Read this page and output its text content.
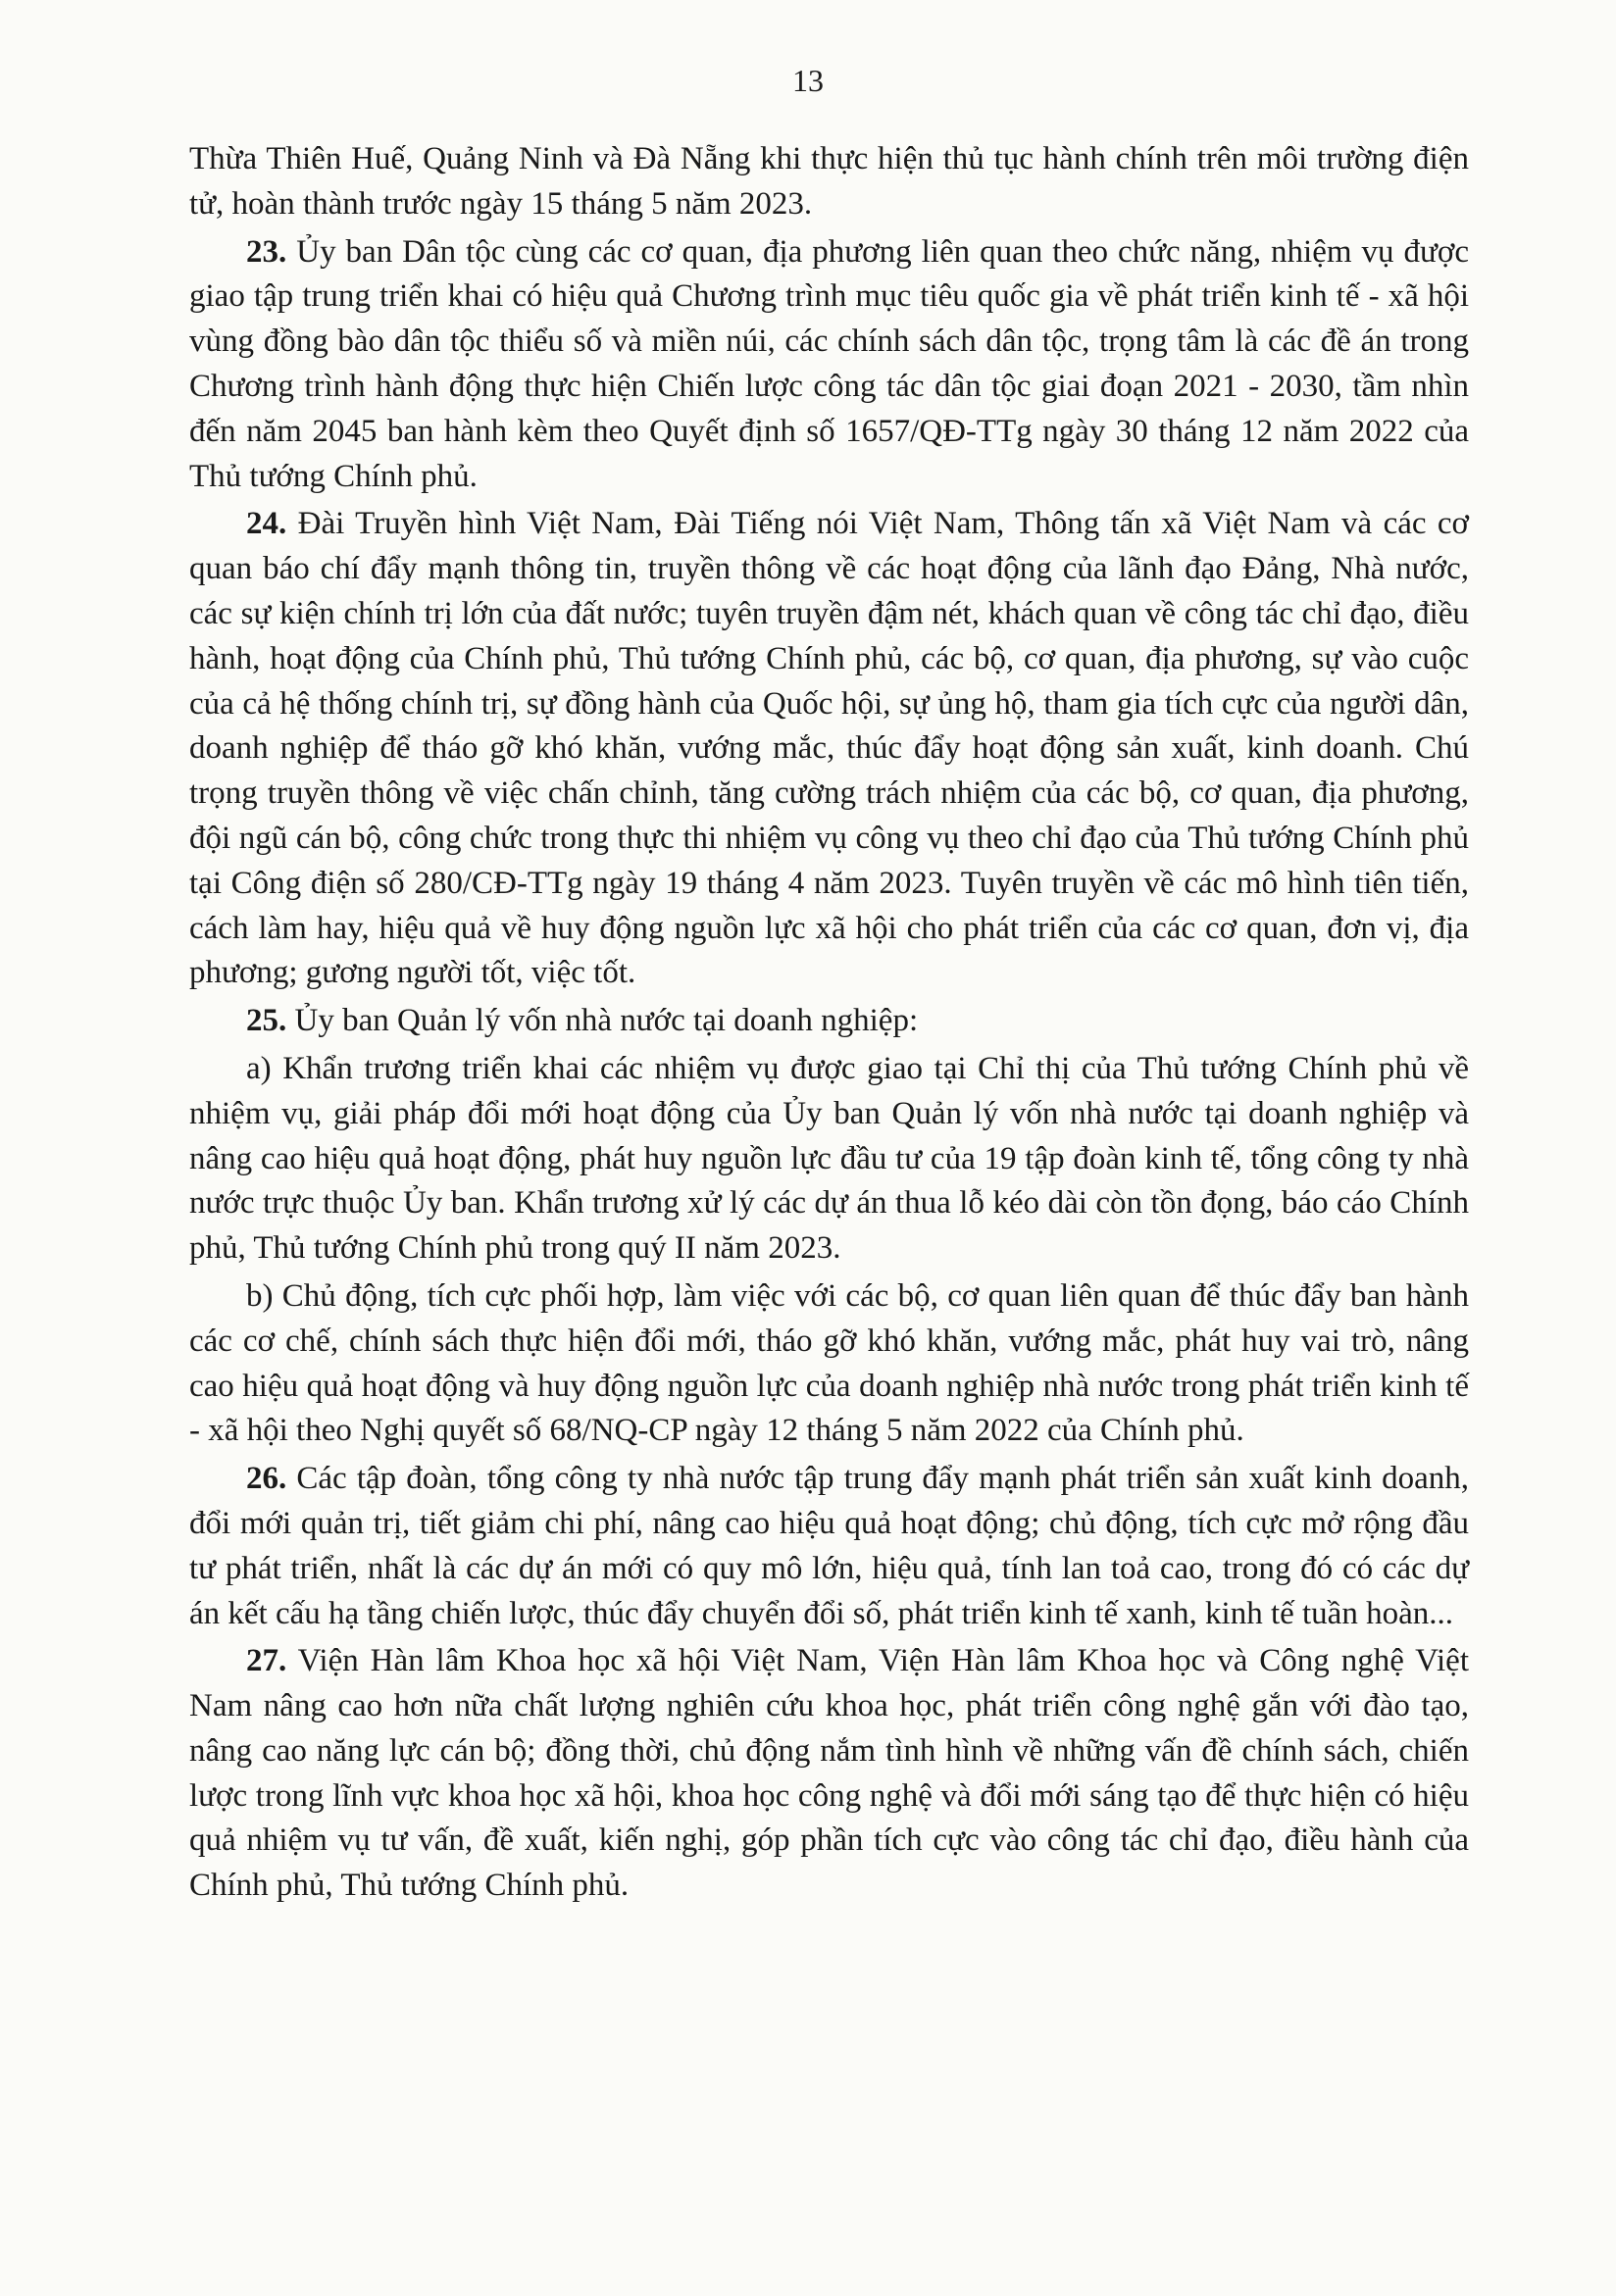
13

Thừa Thiên Huế, Quảng Ninh và Đà Nẵng khi thực hiện thủ tục hành chính trên môi trường điện tử, hoàn thành trước ngày 15 tháng 5 năm 2023.

23. Ủy ban Dân tộc cùng các cơ quan, địa phương liên quan theo chức năng, nhiệm vụ được giao tập trung triển khai có hiệu quả Chương trình mục tiêu quốc gia về phát triển kinh tế - xã hội vùng đồng bào dân tộc thiểu số và miền núi, các chính sách dân tộc, trọng tâm là các đề án trong Chương trình hành động thực hiện Chiến lược công tác dân tộc giai đoạn 2021 - 2030, tầm nhìn đến năm 2045 ban hành kèm theo Quyết định số 1657/QĐ-TTg ngày 30 tháng 12 năm 2022 của Thủ tướng Chính phủ.

24. Đài Truyền hình Việt Nam, Đài Tiếng nói Việt Nam, Thông tấn xã Việt Nam và các cơ quan báo chí đẩy mạnh thông tin, truyền thông về các hoạt động của lãnh đạo Đảng, Nhà nước, các sự kiện chính trị lớn của đất nước; tuyên truyền đậm nét, khách quan về công tác chỉ đạo, điều hành, hoạt động của Chính phủ, Thủ tướng Chính phủ, các bộ, cơ quan, địa phương, sự vào cuộc của cả hệ thống chính trị, sự đồng hành của Quốc hội, sự ủng hộ, tham gia tích cực của người dân, doanh nghiệp để tháo gỡ khó khăn, vướng mắc, thúc đẩy hoạt động sản xuất, kinh doanh. Chú trọng truyền thông về việc chấn chỉnh, tăng cường trách nhiệm của các bộ, cơ quan, địa phương, đội ngũ cán bộ, công chức trong thực thi nhiệm vụ công vụ theo chỉ đạo của Thủ tướng Chính phủ tại Công điện số 280/CĐ-TTg ngày 19 tháng 4 năm 2023. Tuyên truyền về các mô hình tiên tiến, cách làm hay, hiệu quả về huy động nguồn lực xã hội cho phát triển của các cơ quan, đơn vị, địa phương; gương người tốt, việc tốt.

25. Ủy ban Quản lý vốn nhà nước tại doanh nghiệp:

a) Khẩn trương triển khai các nhiệm vụ được giao tại Chỉ thị của Thủ tướng Chính phủ về nhiệm vụ, giải pháp đổi mới hoạt động của Ủy ban Quản lý vốn nhà nước tại doanh nghiệp và nâng cao hiệu quả hoạt động, phát huy nguồn lực đầu tư của 19 tập đoàn kinh tế, tổng công ty nhà nước trực thuộc Ủy ban. Khẩn trương xử lý các dự án thua lỗ kéo dài còn tồn đọng, báo cáo Chính phủ, Thủ tướng Chính phủ trong quý II năm 2023.

b) Chủ động, tích cực phối hợp, làm việc với các bộ, cơ quan liên quan để thúc đẩy ban hành các cơ chế, chính sách thực hiện đổi mới, tháo gỡ khó khăn, vướng mắc, phát huy vai trò, nâng cao hiệu quả hoạt động và huy động nguồn lực của doanh nghiệp nhà nước trong phát triển kinh tế - xã hội theo Nghị quyết số 68/NQ-CP ngày 12 tháng 5 năm 2022 của Chính phủ.

26. Các tập đoàn, tổng công ty nhà nước tập trung đẩy mạnh phát triển sản xuất kinh doanh, đổi mới quản trị, tiết giảm chi phí, nâng cao hiệu quả hoạt động; chủ động, tích cực mở rộng đầu tư phát triển, nhất là các dự án mới có quy mô lớn, hiệu quả, tính lan toả cao, trong đó có các dự án kết cấu hạ tầng chiến lược, thúc đẩy chuyển đổi số, phát triển kinh tế xanh, kinh tế tuần hoàn...

27. Viện Hàn lâm Khoa học xã hội Việt Nam, Viện Hàn lâm Khoa học và Công nghệ Việt Nam nâng cao hơn nữa chất lượng nghiên cứu khoa học, phát triển công nghệ gắn với đào tạo, nâng cao năng lực cán bộ; đồng thời, chủ động nắm tình hình về những vấn đề chính sách, chiến lược trong lĩnh vực khoa học xã hội, khoa học công nghệ và đổi mới sáng tạo để thực hiện có hiệu quả nhiệm vụ tư vấn, đề xuất, kiến nghị, góp phần tích cực vào công tác chỉ đạo, điều hành của Chính phủ, Thủ tướng Chính phủ.
